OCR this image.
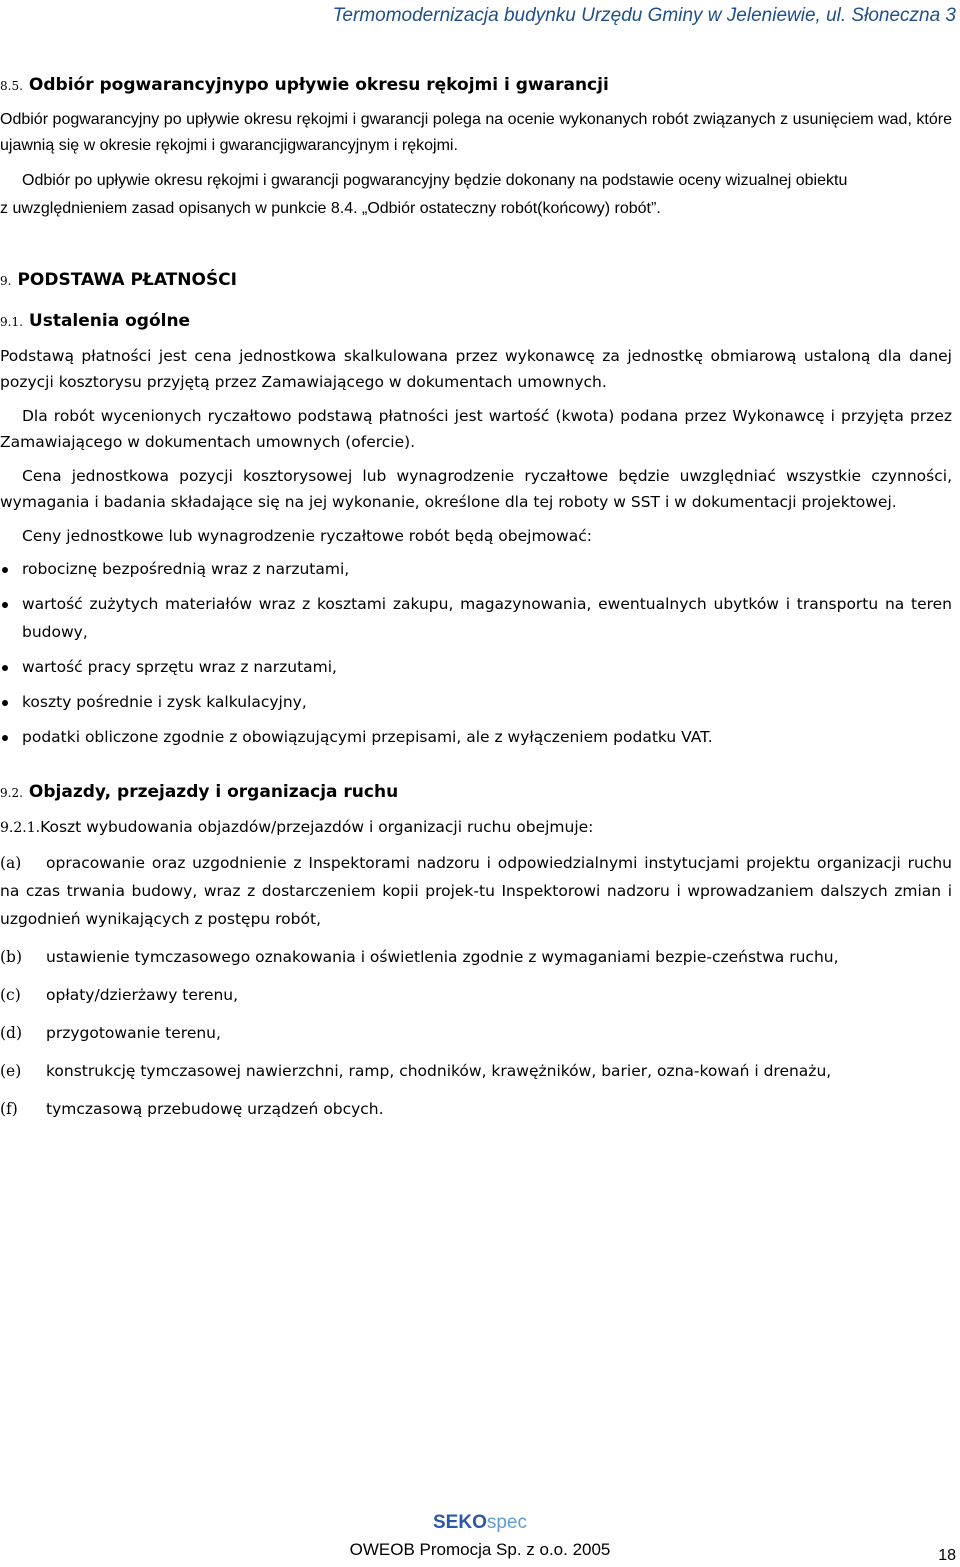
Termomodernizacja budynku Urzędu Gminy w Jeleniewie, ul. Słoneczna 3

8.5. Odbiór pogwarancyjnypo upływie okresu rękojmi i gwarancji

Odbiór pogwarancyjny po upływie okresu rękojmi i gwarancji polega na ocenie wykonanych robót związanych z usunięciem wad, które ujawnią się w okresie rękojmi i gwarancjigwarancyjnym i rękojmi.

Odbiór po upływie okresu rękojmi i gwarancji pogwarancyjny będzie dokonany na podstawie oceny wizualnej obiektu

z uwzględnieniem zasad opisanych w punkcie 8.4. „Odbiór ostateczny robót(końcowy) robót”.

9. PODSTAWA PŁATNOŚCI
9.1. Ustalenia ogólne

Podstawą płatności jest cena jednostkowa skalkulowana przez wykonawcę za jednostkę obmiarową ustaloną dla danej pozycji kosztorysu przyjętą przez Zamawiającego w dokumentach umownych.

Dla robót wycenionych ryczałtowo podstawą płatności jest wartość (kwota) podana przez Wykonawcę i przyjęta przez Zamawiającego w dokumentach umownych (ofercie).

Cena jednostkowa pozycji kosztorysowej lub wynagrodzenie ryczałtowe będzie uwzględniać wszystkie czynności, wymagania i badania składające się na jej wykonanie, określone dla tej roboty w SST i w dokumentacji projektowej.

Ceny jednostkowe lub wynagrodzenie ryczałtowe robót będą obejmować:

robociznę bezpośrednią wraz z narzutami,
wartość zużytych materiałów wraz z kosztami zakupu, magazynowania, ewentualnych ubytków i transportu na teren budowy,
wartość pracy sprzętu wraz z narzutami,
koszty pośrednie i zysk kalkulacyjny,
podatki obliczone zgodnie z obowiązującymi przepisami, ale z wyłączeniem podatku VAT.
9.2. Objazdy, przejazdy i organizacja ruchu

9.2.1.Koszt wybudowania objazdów/przejazdów i organizacji ruchu obejmuje:

(a) opracowanie oraz uzgodnienie z Inspektorami nadzoru i odpowiedzialnymi instytucjami projektu organizacji ruchu na czas trwania budowy, wraz z dostarczeniem kopii projek-tu Inspektorowi nadzoru i wprowadzaniem dalszych zmian i uzgodnień wynikających z postępu robót,

(b)	ustawienie tymczasowego oznakowania i oświetlenia zgodnie z wymaganiami bezpie-czeństwa ruchu,
(c)	opłaty/dzierżawy terenu,
(d)	przygotowanie terenu,
(e)	konstrukcję tymczasowej nawierzchni, ramp, chodników, krawężników, barier, ozna-kowań i drenażu,
(f)	tymczasową przebudowę urządzeń obcych.
SEKOspec
OWEOB Promocja Sp. z o.o. 2005	18
